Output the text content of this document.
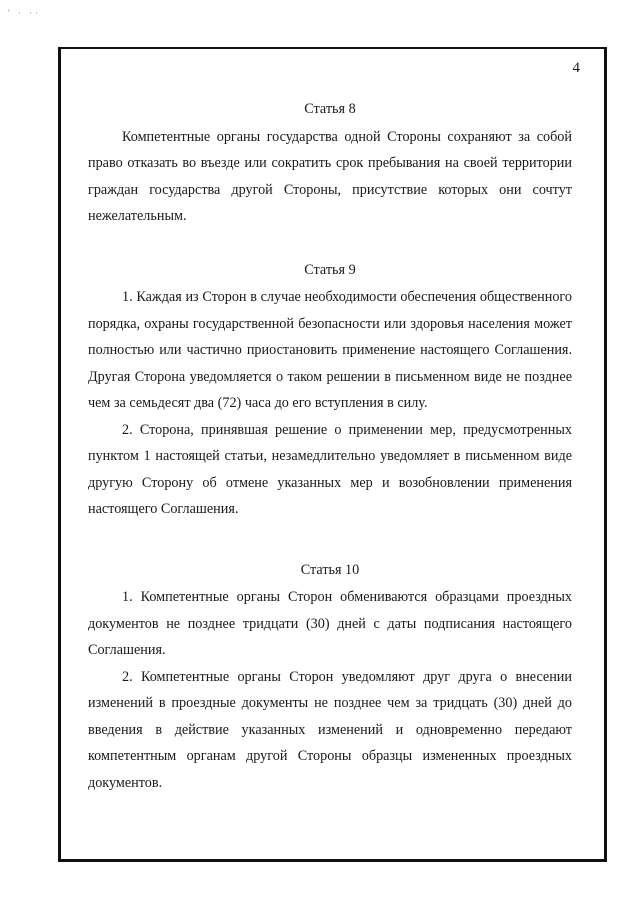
' · ··
4

Статья 8

Компетентные органы государства одной Стороны сохраняют за собой право отказать во въезде или сократить срок пребывания на своей территории граждан государства другой Стороны, присутствие которых они сочтут нежелательным.

Статья 9

1. Каждая из Сторон в случае необходимости обеспечения общественного порядка, охраны государственной безопасности или здоровья населения может полностью или частично приостановить применение настоящего Соглашения. Другая Сторона уведомляется о таком решении в письменном виде не позднее чем за семьдесят два (72) часа до его вступления в силу.

2. Сторона, принявшая решение о применении мер, предусмотренных пунктом 1 настоящей статьи, незамедлительно уведомляет в письменном виде другую Сторону об отмене указанных мер и возобновлении применения настоящего Соглашения.

Статья 10

1. Компетентные органы Сторон обмениваются образцами проездных документов не позднее тридцати (30) дней с даты подписания настоящего Соглашения.

2. Компетентные органы Сторон уведомляют друг друга о внесении изменений в проездные документы не позднее чем за тридцать (30) дней до введения в действие указанных изменений и одновременно передают компетентным органам другой Стороны образцы измененных проездных документов.
